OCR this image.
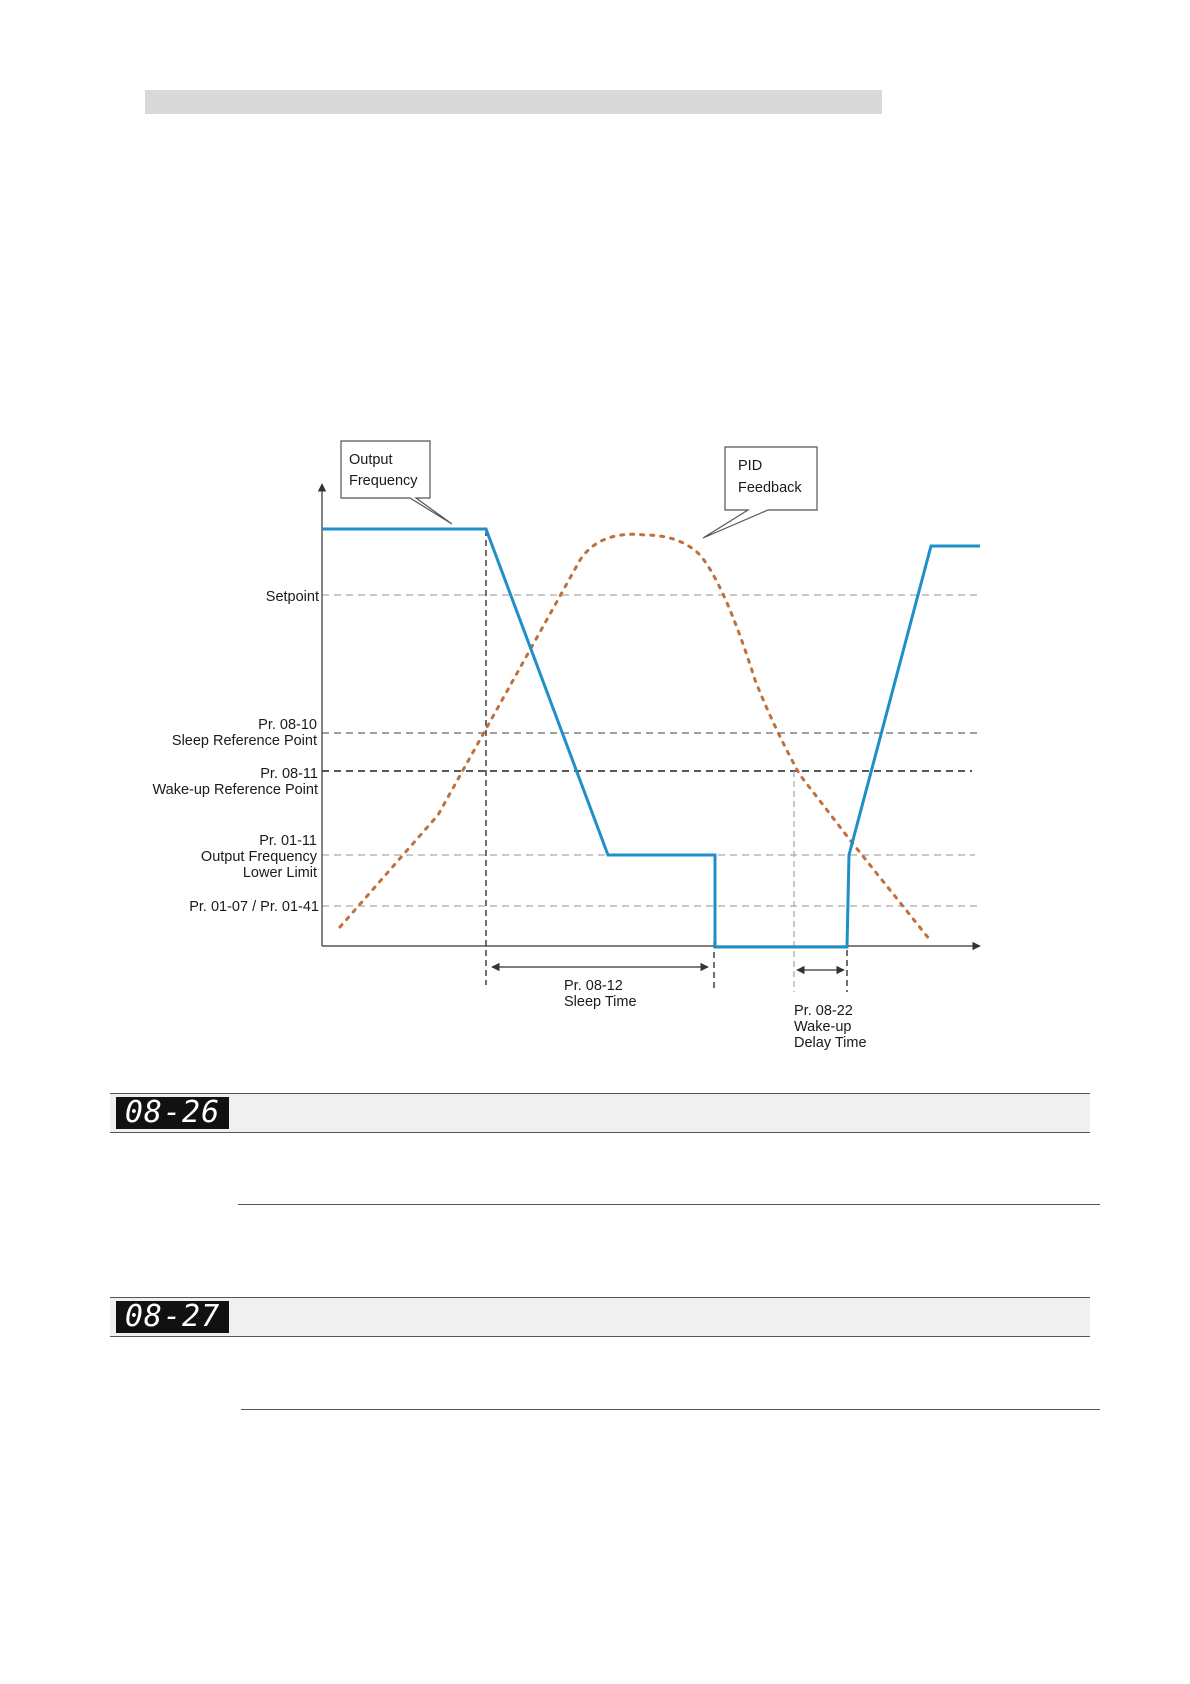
Output
Frequency
PID
Feedback
Setpoint
Pr. 08-10
Sleep Reference Point
Pr. 08-11
Wake-up Reference Point
Pr. 01-11
Output Frequency
Lower Limit
Pr. 01-07 / Pr. 01-41
Pr. 08-12
Sleep Time
Pr. 08-22
Wake-up
Delay Time
08-26
08-27
